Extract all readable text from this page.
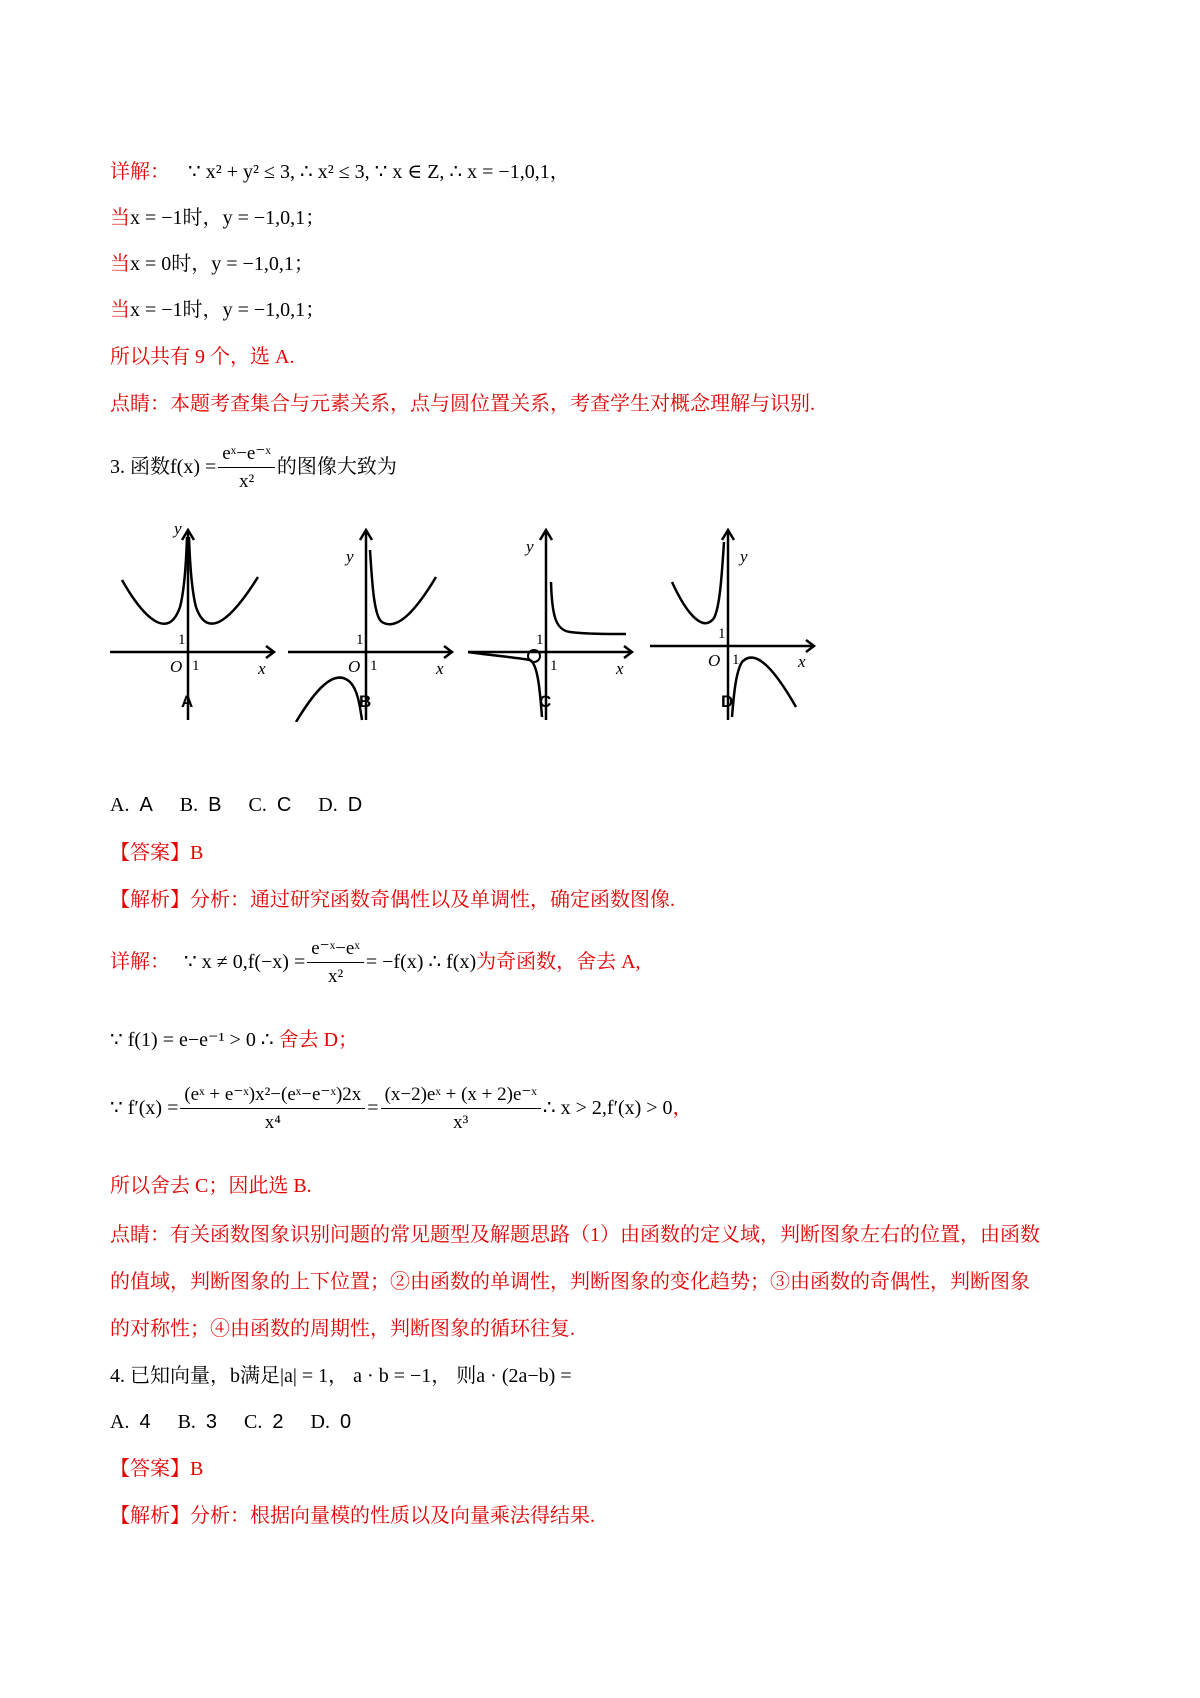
详解： ∵ x² + y² ≤ 3, ∴ x² ≤ 3, ∵ x ∈ Z, ∴ x = −1,0,1，
当x = −1时，y = −1,0,1；
当x = 0时，y = −1,0,1；
当x = −1时，y = −1,0,1；
所以共有 9 个，选 A.
点睛：本题考查集合与元素关系，点与圆位置关系，考查学生对概念理解与识别.
3. 函数$f(x) = \frac{\text{eˣ−e⁻ˣ}}{\text{x²}}$ 的图像大致为
y
x
O 1
1
A
y
x
O 1
1
B
y
x
1
1
C
y
x
O 1
1
D
A. A B. B C. C D. D
【答案】B
【解析】分析：通过研究函数奇偶性以及单调性，确定函数图像.
详解： ∵ $x \ne 0,f(-x) = \frac{\text{e⁻ˣ−eˣ}}{\text{x²}} = -f(x)$ ∴ f(x)为奇函数，舍去 A,
∵ f(1) = e−e⁻¹ > 0 ∴ 舍去 D；
∵ $f'(x) = \frac{\text{(eˣ + e⁻ˣ)x²−(eˣ−e⁻ˣ)2x}}{\text{x⁴}} = \frac{\text{(x−2)eˣ + (x + 2)e⁻ˣ}}{\text{x³}}$ ∴ x > 2,f′(x) > 0，
所以舍去 C；因此选 B.
点睛：有关函数图象识别问题的常见题型及解题思路（1）由函数的定义域，判断图象左右的位置，由函数
的值域，判断图象的上下位置；②由函数的单调性，判断图象的变化趋势；③由函数的奇偶性，判断图象
的对称性；④由函数的周期性，判断图象的循环往复.
4. 已知向量，b满足|a| = 1， a · b = −1， 则a · (2a−b) =
A. 4 B. 3 C. 2 D. 0
【答案】B
【解析】分析：根据向量模的性质以及向量乘法得结果.
